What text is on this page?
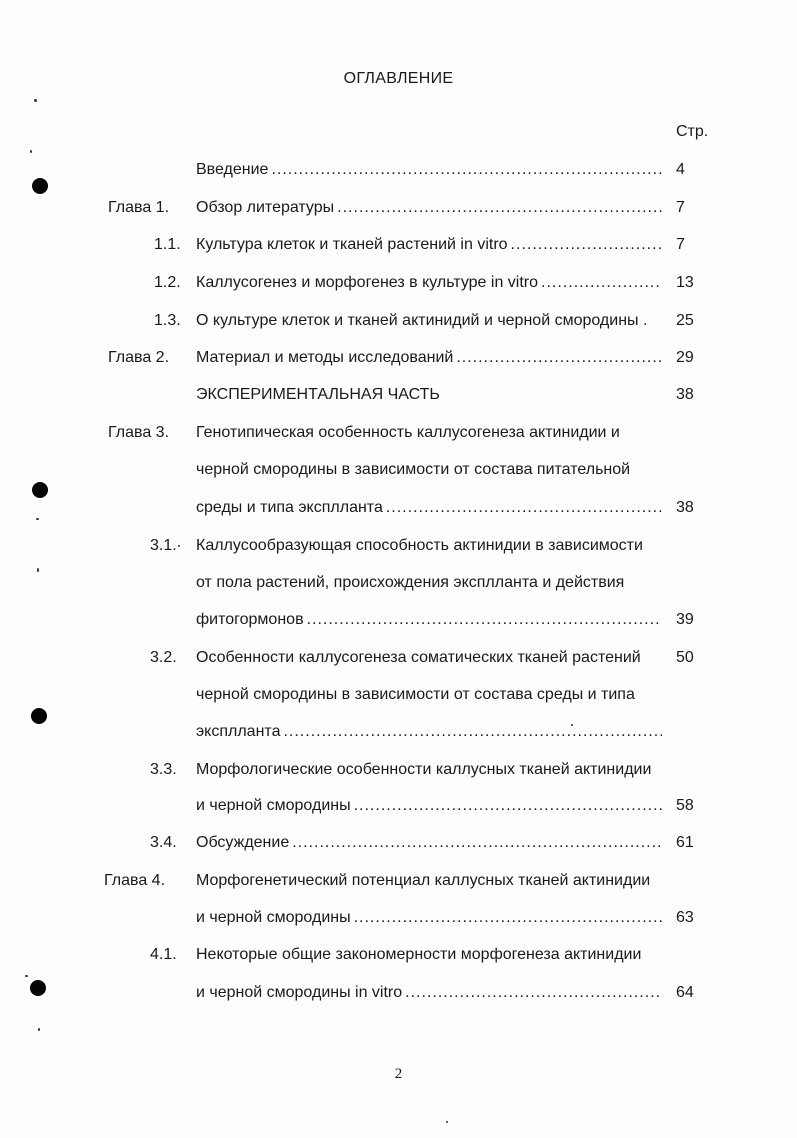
ОГЛАВЛЕНИЕ
Стр.
Введение .....	4
Глава 1. Обзор литературы .....	7
1.1. Культура клеток и тканей растений in vitro .....	7
1.2. Каллусогенез и морфогенез в культуре in vitro .....	13
1.3. О культуре клеток и тканей актинидий и черной смородины . 25
Глава 2. Материал и методы исследований .....	29
ЭКСПЕРИМЕНТАЛЬНАЯ ЧАСТЬ	38
Глава 3. Генотипическая особенность каллусогенеза актинидии и
черной смородины в зависимости от состава питательной
среды и типа эксплланта .....	38
3.1. Каллусообразующая способность актинидии в зависимости
от пола растений, происхождения эксплланта и действия
фитогормонов .....	39
3.2. Особенности каллусогенеза соматических тканей растений 50
черной смородины в зависимости от состава среды и типа
эксплланта
.....
3.3. Морфологические особенности каллусных тканей актинидии
и черной смородины .....	58
3.4. Обсуждение .....	61
Глава 4. Морфогенетический потенциал каллусных тканей актинидии
и черной смородины .....	63
4.1. Некоторые общие закономерности морфогенеза актинидии
и черной смородины in vitro .....	64
2
